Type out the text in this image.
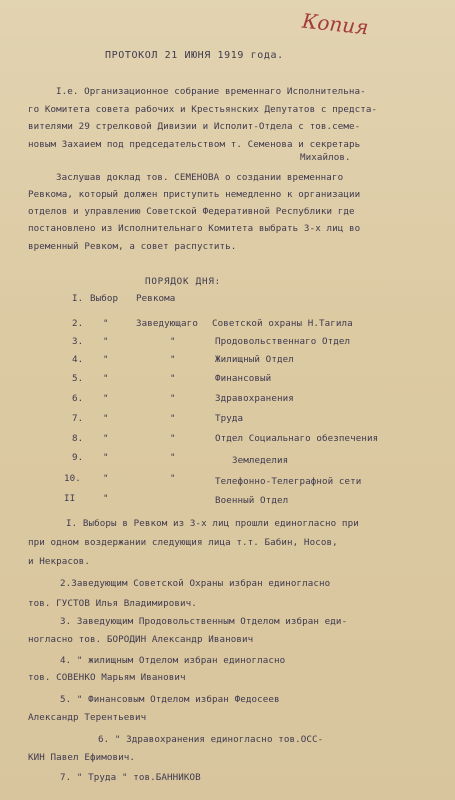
Копия
ПРОТОКОЛ 21 ИЮНЯ 1919 года.
I.е. Организационное собрание временнаго Исполнительна-
го Комитета совета рабочих и Крестьянских Депутатов с предста-
вителями 29 стрелковой Дивизии и Исполит-Отдела с тов.семе-
новым Захаием под председательством т. Семенова и секретарь
Михайлов.
Заслушав доклад тов. СЕМЕНОВА о создании временнаго
Ревкома, который должен приступить немедленно к организации
отделов и управлению Советской Федеративной Республики где
постановлено из Исполнительнаго Комитета выбрать 3-х лиц во
временный Ревком, а совет распустить.
ПОРЯДОК ДНЯ:
I. Выбор Ревкома
2. "	Заведующаго Советской охраны Н.Тагила
3. "	"	Продовольственнаго Отдел
4. "	"	Жилищный Отдел
5. "	"	Финансовый
6. "	"	Здравохранения
7. "	"	Труда
8. "	"	Отдел Социальнаго обезпечения
9. "	"	Земледелия
10. "	"	Телефонно-Телеграфной сети
II	"	Военный Отдел
I. Выборы в Ревком из 3-х лиц прошли единогласно при
при одном воздержании следующия лица т.т. Бабин, Носов,
и Некрасов.
2.Заведующим Советской Охраны избран единогласно
тов. ГУСТОВ Илья Владимирович.
3. Заведующим Продовольственным Отделом избран еди-
ногласно тов. БОРОДИН Александр Иванович
4. " жилищным Отделом избран единогласно
тов. СОВЕНКО Марьям Иванович
5. " Финансовым Отделом избран Федосеев
Александр Терентьевич
6. " Здравохранения единогласно тов.ОСС-
КИН Павел Ефимович.
7. " Труда " тов.БАННИКОВ
